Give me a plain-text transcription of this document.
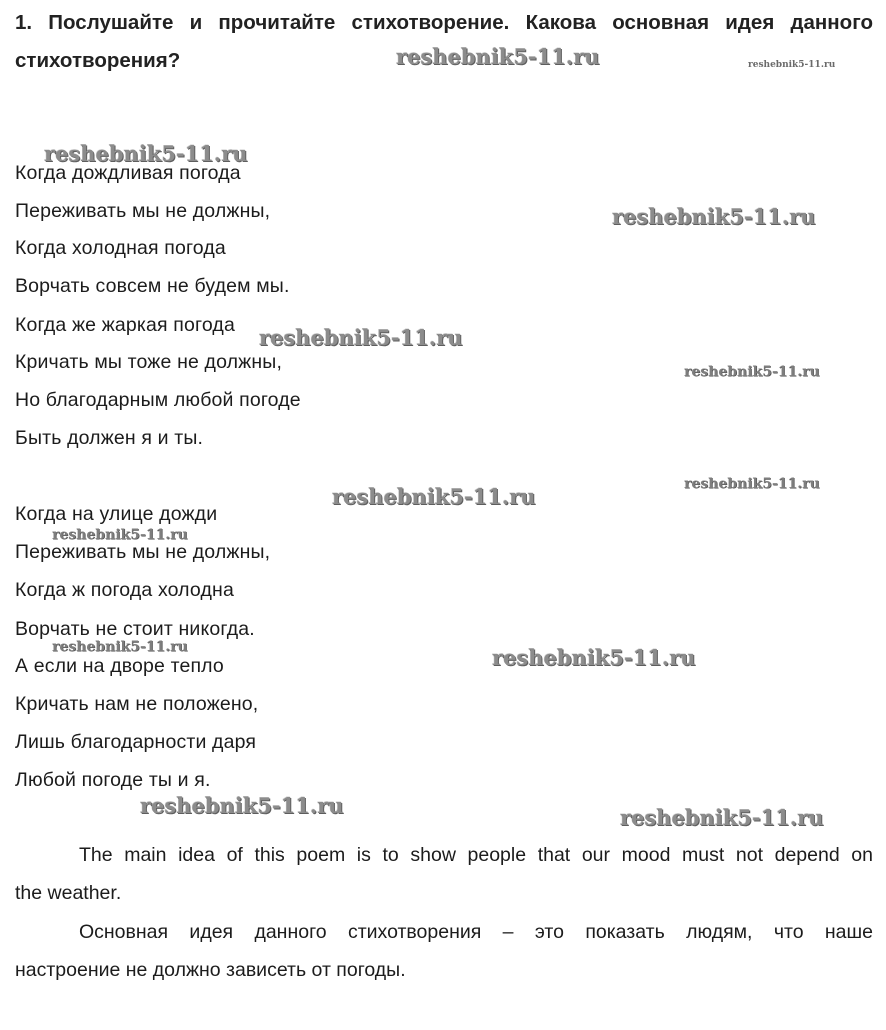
1. Послушайте и прочитайте стихотворение. Какова основная идея данного
стихотворения?
Когда дождливая погода
Переживать мы не должны,
Когда холодная погода
Ворчать совсем не будем мы.
Когда же жаркая погода
Кричать мы тоже не должны,
Но благодарным любой погоде
Быть должен я и ты.
Когда на улице дожди
Переживать мы не должны,
Когда ж погода холодна
Ворчать не стоит никогда.
А если на дворе тепло
Кричать нам не положено,
Лишь благодарности даря
Любой погоде ты и я.
The main idea of this poem is to show people that our mood must not depend on
the weather.
Основная идея данного стихотворения – это показать людям, что наше
настроение не должно зависеть от погоды.
reshebnik5-11.ru	reshebnik5-11.ru
reshebnik5-11.ru
reshebnik5-11.ru
reshebnik5-11.ru
reshebnik5-11.ru
reshebnik5-11.ru
reshebnik5-11.ru
reshebnik5-11.ru
reshebnik5-11.ru	reshebnik5-11.ru
reshebnik5-11.ru	reshebnik5-11.ru
